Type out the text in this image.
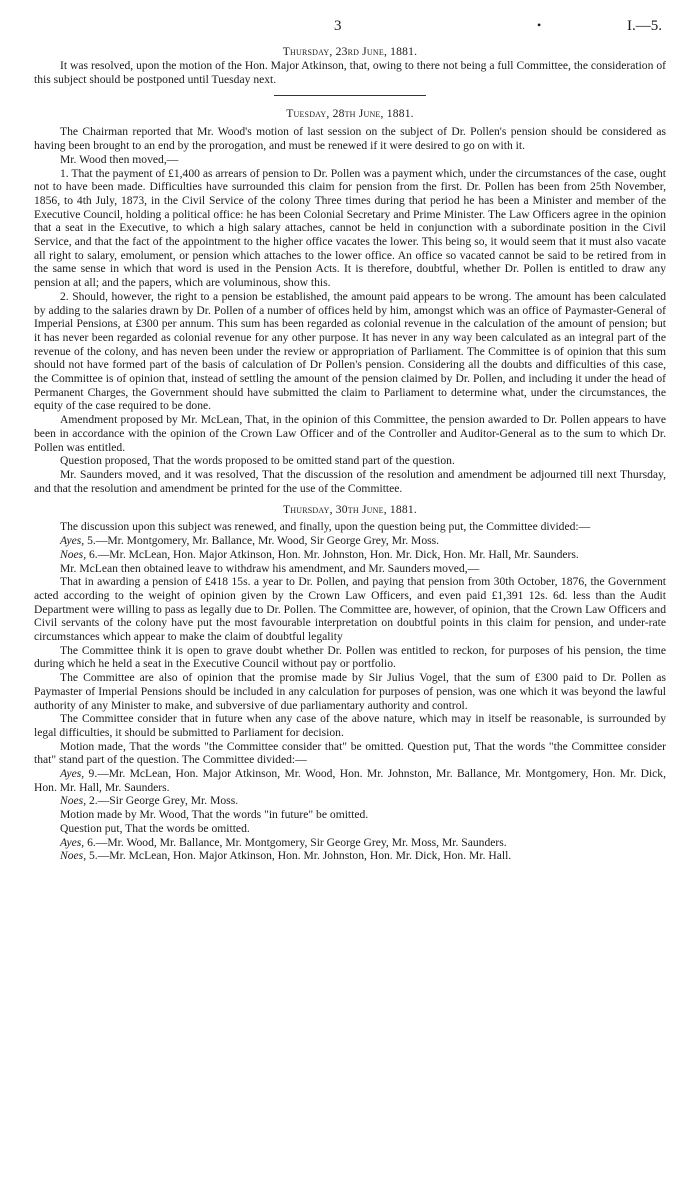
3	•	I.—5.
Thursday, 23rd June, 1881.

It was resolved, upon the motion of the Hon. Major Atkinson, that, owing to there not being a full Committee, the consideration of this subject should be postponed until Tuesday next.

Tuesday, 28th June, 1881.

The Chairman reported that Mr. Wood's motion of last session on the subject of Dr. Pollen's pension should be considered as having been brought to an end by the prorogation, and must be renewed if it were desired to go on with it.

Mr. Wood then moved,—

1. That the payment of £1,400 as arrears of pension to Dr. Pollen was a payment which, under the circumstances of the case, ought not to have been made. Difficulties have surrounded this claim for pension from the first. Dr. Pollen has been from 25th November, 1856, to 4th July, 1873, in the Civil Service of the colony Three times during that period he has been a Minister and member of the Executive Council, holding a political office: he has been Colonial Secretary and Prime Minister. The Law Officers agree in the opinion that a seat in the Executive, to which a high salary attaches, cannot be held in conjunction with a subordinate position in the Civil Service, and that the fact of the appointment to the higher office vacates the lower. This being so, it would seem that it must also vacate all right to salary, emolument, or pension which attaches to the lower office. An office so vacated cannot be said to be retired from in the same sense in which that word is used in the Pension Acts. It is therefore, doubtful, whether Dr. Pollen is entitled to draw any pension at all; and the papers, which are voluminous, show this.

2. Should, however, the right to a pension be established, the amount paid appears to be wrong. The amount has been calculated by adding to the salaries drawn by Dr. Pollen of a number of offices held by him, amongst which was an office of Paymaster-General of Imperial Pensions, at £300 per annum. This sum has been regarded as colonial revenue in the calculation of the amount of pension; but it has never been regarded as colonial revenue for any other purpose. It has never in any way been calculated as an integral part of the revenue of the colony, and has neven been under the review or appropriation of Parliament. The Committee is of opinion that this sum should not have formed part of the basis of calculation of Dr Pollen's pension. Considering all the doubts and difficulties of this case, the Committee is of opinion that, instead of settling the amount of the pension claimed by Dr. Pollen, and including it under the head of Permanent Charges, the Government should have submitted the claim to Parliament to determine what, under the circumstances, the equity of the case required to be done.

Amendment proposed by Mr. McLean, That, in the opinion of this Committee, the pension awarded to Dr. Pollen appears to have been in accordance with the opinion of the Crown Law Officer and of the Controller and Auditor-General as to the sum to which Dr. Pollen was entitled.

Question proposed, That the words proposed to be omitted stand part of the question.

Mr. Saunders moved, and it was resolved, That the discussion of the resolution and amendment be adjourned till next Thursday, and that the resolution and amendment be printed for the use of the Committee.

Thursday, 30th June, 1881.

The discussion upon this subject was renewed, and finally, upon the question being put, the Committee divided:—

Ayes, 5.—Mr. Montgomery, Mr. Ballance, Mr. Wood, Sir George Grey, Mr. Moss.

Noes, 6.—Mr. McLean, Hon. Major Atkinson, Hon. Mr. Johnston, Hon. Mr. Dick, Hon. Mr. Hall, Mr. Saunders.

Mr. McLean then obtained leave to withdraw his amendment, and Mr. Saunders moved,—

That in awarding a pension of £418 15s. a year to Dr. Pollen, and paying that pension from 30th October, 1876, the Government acted according to the weight of opinion given by the Crown Law Officers, and even paid £1,391 12s. 6d. less than the Audit Department were willing to pass as legally due to Dr. Pollen. The Committee are, however, of opinion, that the Crown Law Officers and Civil servants of the colony have put the most favourable interpretation on doubtful points in this claim for pension, and under-rate circumstances which appear to make the claim of doubtful legality

The Committee think it is open to grave doubt whether Dr. Pollen was entitled to reckon, for purposes of his pension, the time during which he held a seat in the Executive Council without pay or portfolio.

The Committee are also of opinion that the promise made by Sir Julius Vogel, that the sum of £300 paid to Dr. Pollen as Paymaster of Imperial Pensions should be included in any calculation for purposes of pension, was one which it was beyond the lawful authority of any Minister to make, and subversive of due parliamentary authority and control.

The Committee consider that in future when any case of the above nature, which may in itself be reasonable, is surrounded by legal difficulties, it should be submitted to Parliament for decision.

Motion made, That the words "the Committee consider that" be omitted. Question put, That the words "the Committee consider that" stand part of the question. The Committee divided:—

Ayes, 9.—Mr. McLean, Hon. Major Atkinson, Mr. Wood, Hon. Mr. Johnston, Mr. Ballance, Mr. Montgomery, Hon. Mr. Dick, Hon. Mr. Hall, Mr. Saunders.

Noes, 2.—Sir George Grey, Mr. Moss.

Motion made by Mr. Wood, That the words "in future" be omitted.

Question put, That the words be omitted.

Ayes, 6.—Mr. Wood, Mr. Ballance, Mr. Montgomery, Sir George Grey, Mr. Moss, Mr. Saunders.

Noes, 5.—Mr. McLean, Hon. Major Atkinson, Hon. Mr. Johnston, Hon. Mr. Dick, Hon. Mr. Hall.
